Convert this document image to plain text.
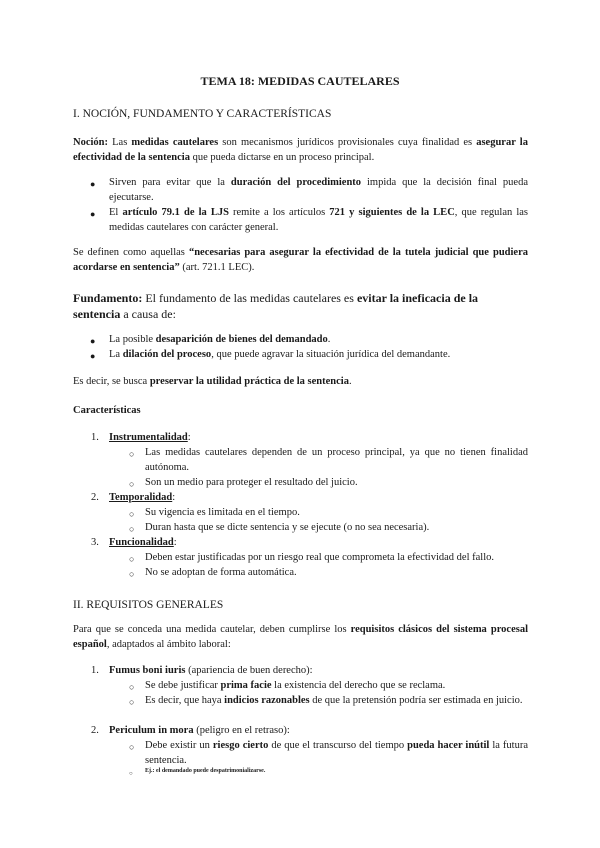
TEMA 18: MEDIDAS CAUTELARES
I. NOCIÓN, FUNDAMENTO Y CARACTERÍSTICAS

Noción: Las medidas cautelares son mecanismos jurídicos provisionales cuya finalidad es asegurar la efectividad de la sentencia que pueda dictarse en un proceso principal.

● Sirven para evitar que la duración del procedimiento impida que la decisión final pueda ejecutarse.

● El artículo 79.1 de la LJS remite a los artículos 721 y siguientes de la LEC, que regulan las medidas cautelares con carácter general.

Se definen como aquellas “necesarias para asegurar la efectividad de la tutela judicial que pudiera acordarse en sentencia” (art. 721.1 LEC).

Fundamento: El fundamento de las medidas cautelares es evitar la ineficacia de la sentencia a causa de:

● La posible desaparición de bienes del demandado.

● La dilación del proceso, que puede agravar la situación jurídica del demandante.

Es decir, se busca preservar la utilidad práctica de la sentencia.

Características
1. Instrumentalidad:
○ Las medidas cautelares dependen de un proceso principal, ya que no tienen finalidad autónoma.

○ Son un medio para proteger el resultado del juicio.

2. Temporalidad:
○ Su vigencia es limitada en el tiempo.

○ Duran hasta que se dicte sentencia y se ejecute (o no sea necesaria).

3. Funcionalidad:
○ Deben estar justificadas por un riesgo real que comprometa la efectividad del fallo.

○ No se adoptan de forma automática.

II. REQUISITOS GENERALES

Para que se conceda una medida cautelar, deben cumplirse los requisitos clásicos del sistema procesal español, adaptados al ámbito laboral:

1. Fumus boni iuris (apariencia de buen derecho):
○ Se debe justificar prima facie la existencia del derecho que se reclama.

○ Es decir, que haya indicios razonables de que la pretensión podría ser estimada en juicio.

2. Periculum in mora (peligro en el retraso):
○ Debe existir un riesgo cierto de que el transcurso del tiempo pueda hacer inútil la futura sentencia.

○ Ej.: el demandado puede despatrimonializarse.
